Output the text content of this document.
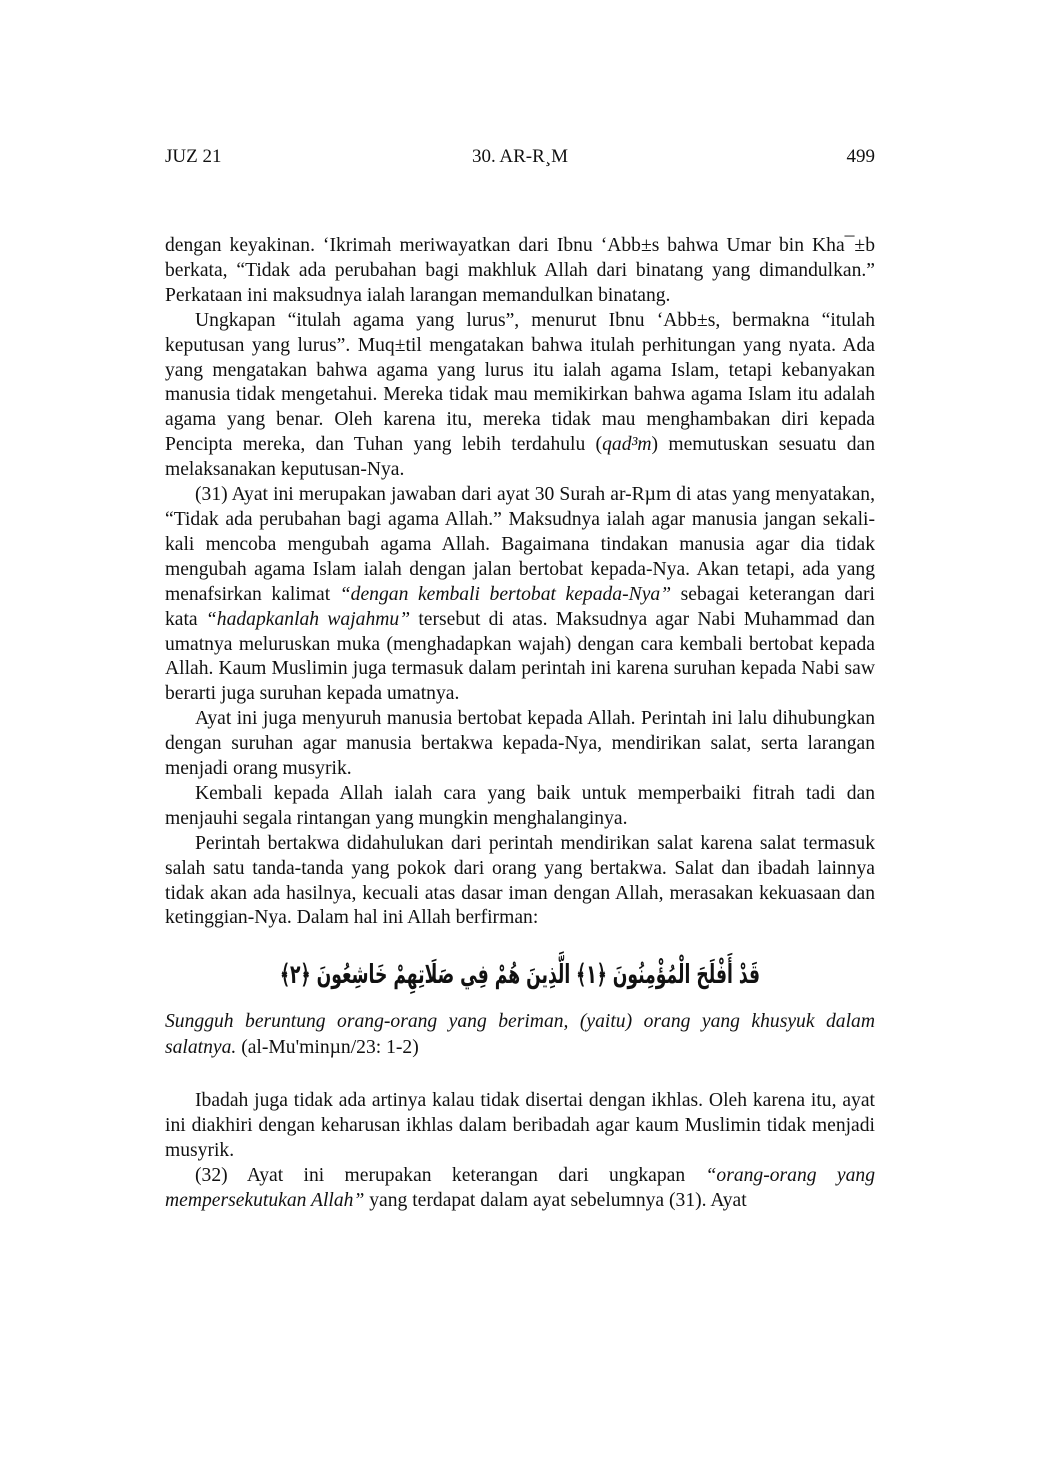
JUZ 21	30. AR-R¸M	499

dengan keyakinan. ‘Ikrimah meriwayatkan dari Ibnu ‘Abb±s bahwa Umar bin Kha¯±b berkata, “Tidak ada perubahan bagi makhluk Allah dari binatang yang dimandulkan.” Perkataan ini maksudnya ialah larangan memandulkan binatang.

Ungkapan “itulah agama yang lurus”, menurut Ibnu ‘Abb±s, bermakna “itulah keputusan yang lurus”. Muq±til mengatakan bahwa itulah perhitungan yang nyata. Ada yang mengatakan bahwa agama yang lurus itu ialah agama Islam, tetapi kebanyakan manusia tidak mengetahui. Mereka tidak mau memikirkan bahwa agama Islam itu adalah agama yang benar. Oleh karena itu, mereka tidak mau menghambakan diri kepada Pencipta mereka, dan Tuhan yang lebih terdahulu (qad³m) memutuskan sesuatu dan melaksanakan keputusan-Nya.

(31) Ayat ini merupakan jawaban dari ayat 30 Surah ar-Rµm di atas yang menyatakan, “Tidak ada perubahan bagi agama Allah.” Maksudnya ialah agar manusia jangan sekali-kali mencoba mengubah agama Allah. Bagaimana tindakan manusia agar dia tidak mengubah agama Islam ialah dengan jalan bertobat kepada-Nya. Akan tetapi, ada yang menafsirkan kalimat “dengan kembali bertobat kepada-Nya” sebagai keterangan dari kata “hadapkanlah wajahmu” tersebut di atas. Maksudnya agar Nabi Muhammad dan umatnya meluruskan muka (menghadapkan wajah) dengan cara kembali bertobat kepada Allah. Kaum Muslimin juga termasuk dalam perintah ini karena suruhan kepada Nabi saw berarti juga suruhan kepada umatnya.

Ayat ini juga menyuruh manusia bertobat kepada Allah. Perintah ini lalu dihubungkan dengan suruhan agar manusia bertakwa kepada-Nya, mendirikan salat, serta larangan menjadi orang musyrik.

Kembali kepada Allah ialah cara yang baik untuk memperbaiki fitrah tadi dan menjauhi segala rintangan yang mungkin menghalanginya.

Perintah bertakwa didahulukan dari perintah mendirikan salat karena salat termasuk salah satu tanda-tanda yang pokok dari orang yang bertakwa. Salat dan ibadah lainnya tidak akan ada hasilnya, kecuali atas dasar iman dengan Allah, merasakan kekuasaan dan ketinggian-Nya. Dalam hal ini Allah berfirman:

قَدْ أَفْلَحَ الْمُؤْمِنُونَ ﴿١﴾ الَّذِينَ هُمْ فِي صَلَاتِهِمْ خَاشِعُونَ ﴿٢﴾

Sungguh beruntung orang-orang yang beriman, (yaitu) orang yang khusyuk dalam salatnya. (al-Mu'minµn/23: 1-2)

Ibadah juga tidak ada artinya kalau tidak disertai dengan ikhlas. Oleh karena itu, ayat ini diakhiri dengan keharusan ikhlas dalam beribadah agar kaum Muslimin tidak menjadi musyrik.

(32) Ayat ini merupakan keterangan dari ungkapan “orang-orang yang mempersekutukan Allah” yang terdapat dalam ayat sebelumnya (31). Ayat
